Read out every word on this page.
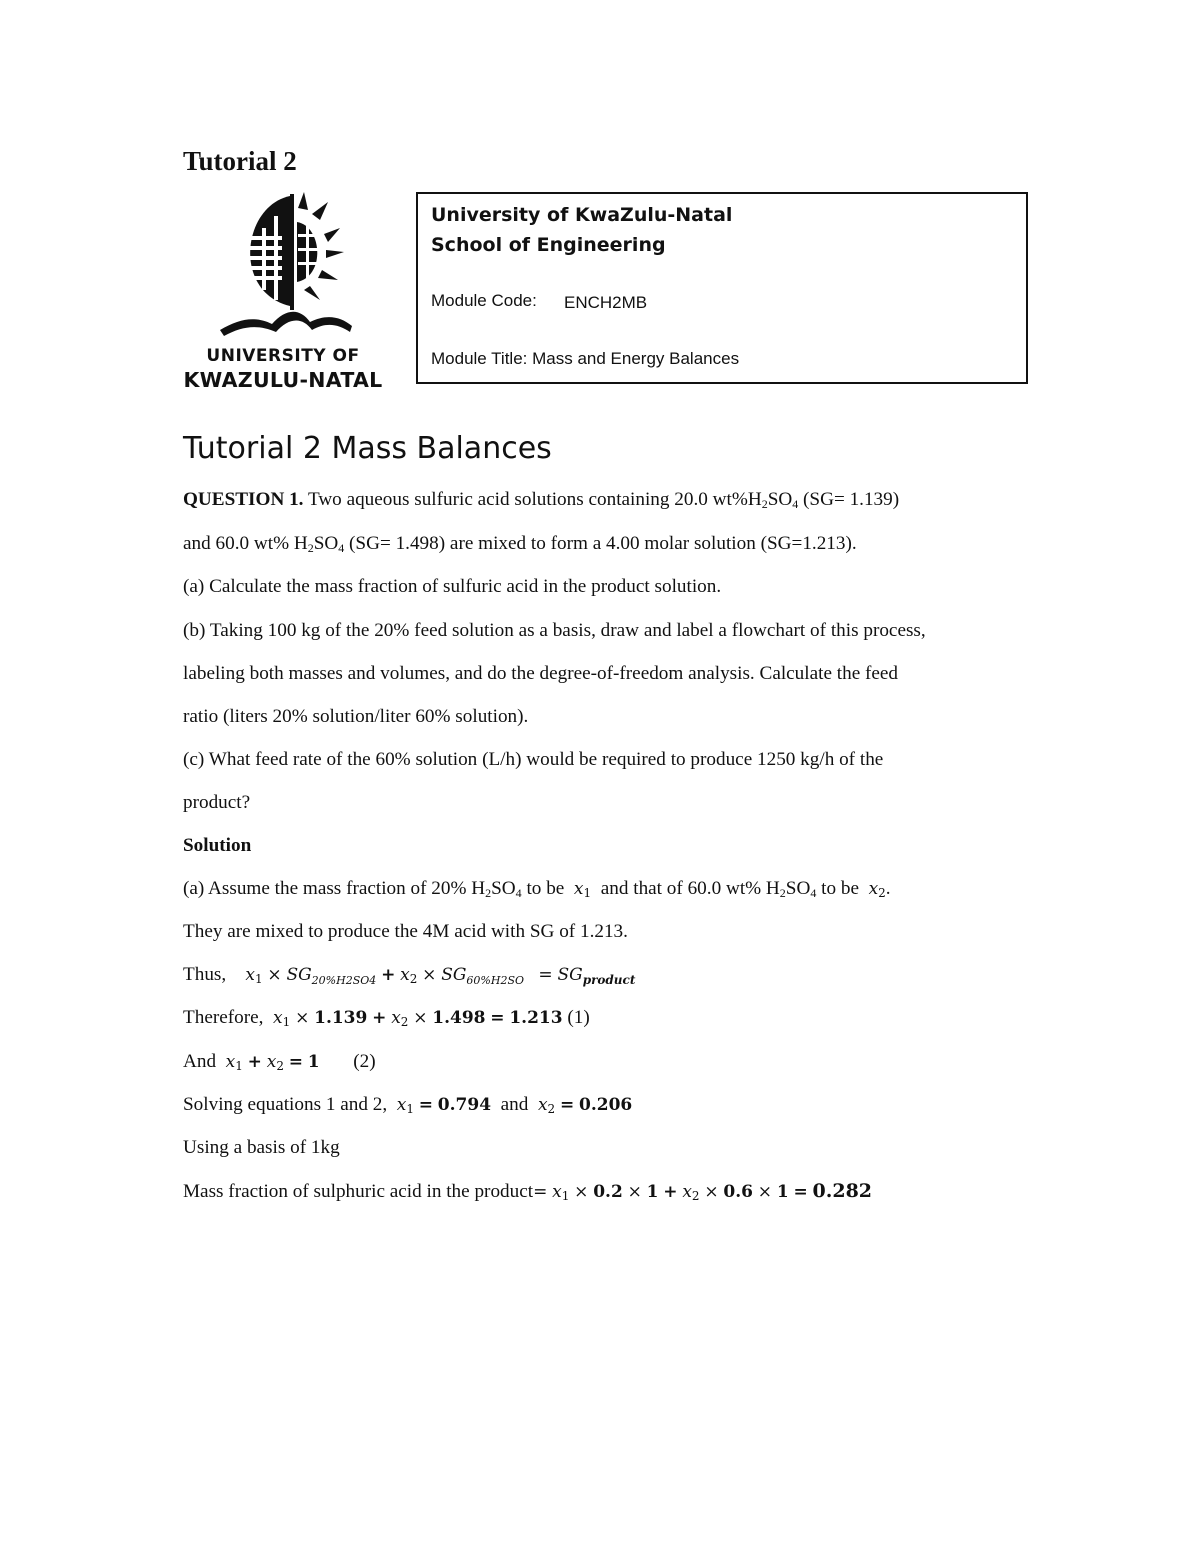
Tutorial 2
UNIVERSITY OF
KWAZULU-NATAL
University of KwaZulu-Natal
School of Engineering
Module Code: ENCH2MB
Module Title: Mass and Energy Balances
Tutorial 2 Mass Balances
QUESTION 1. Two aqueous sulfuric acid solutions containing 20.0 $wt\%H_2SO_4$ (SG= 1.139)
and 60.0 wt% $H_2SO_4$ (SG= 1.498) are mixed to form a 4.00 molar solution (SG=1.213).
(a) Calculate the mass fraction of sulfuric acid in the product solution.
(b) Taking 100 kg of the 20% feed solution as a basis, draw and label a flowchart of this process,
labeling both masses and volumes, and do the degree-of-freedom analysis. Calculate the feed
ratio (liters 20% solution/liter 60% solution).
(c) What feed rate of the 60% solution (L/h) would be required to produce 1250 kg/h of the
product?
Solution
(a) Assume the mass fraction of 20% $H_2SO_4$ to be $x_1$ and that of 60.0 wt% $H_2SO_4$ to be $x_2$.
They are mixed to produce the 4M acid with SG of 1.213.
Thus, $x_1 \times SG_{20\%H2SO4} + x_2 \times SG_{60\%H2SO} = SG_{product}$
Therefore, $x_1 \times 1.139 + x_2 \times 1.498 = 1.213$ (1)
And $x_1 + x_2 = 1$ (2)
Solving equations 1 and 2, $x_1 = 0.794$ and $x_2 = 0.206$
Using a basis of 1kg
Mass fraction of sulphuric acid in the product= $x_1 \times 0.2 \times 1 + x_2 \times 0.6 \times 1 = 0.282$
